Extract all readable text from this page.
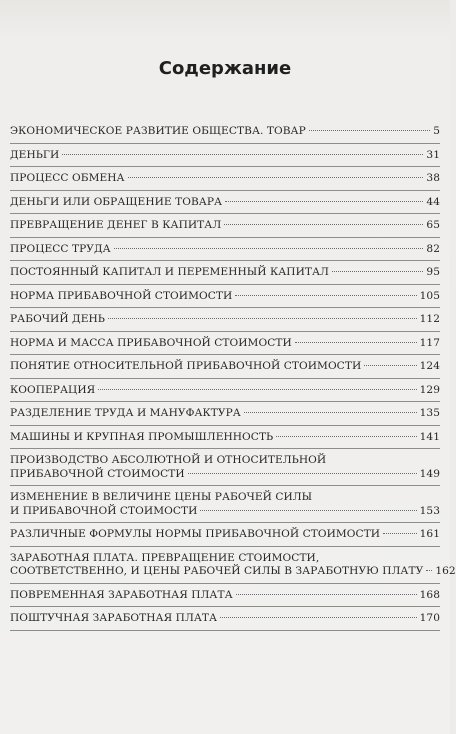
Содержание
ЭКОНОМИЧЕСКОЕ РАЗВИТИЕ ОБЩЕСТВА. ТОВАР	5
ДЕНЬГИ	31
ПРОЦЕСС ОБМЕНА	38
ДЕНЬГИ ИЛИ ОБРАЩЕНИЕ ТОВАРА	44
ПРЕВРАЩЕНИЕ ДЕНЕГ В КАПИТАЛ	65
ПРОЦЕСС ТРУДА	82
ПОСТОЯННЫЙ КАПИТАЛ И ПЕРЕМЕННЫЙ КАПИТАЛ	95
НОРМА ПРИБАВОЧНОЙ СТОИМОСТИ	105
РАБОЧИЙ ДЕНЬ	112
НОРМА И МАССА ПРИБАВОЧНОЙ СТОИМОСТИ	117
ПОНЯТИЕ ОТНОСИТЕЛЬНОЙ ПРИБАВОЧНОЙ СТОИМОСТИ	124
КООПЕРАЦИЯ	129
РАЗДЕЛЕНИЕ ТРУДА И МАНУФАКТУРА	135
МАШИНЫ И КРУПНАЯ ПРОМЫШЛЕННОСТЬ	141
ПРОИЗВОДСТВО АБСОЛЮТНОЙ И ОТНОСИТЕЛЬНОЙ
ПРИБАВОЧНОЙ СТОИМОСТИ	149
ИЗМЕНЕНИЕ В ВЕЛИЧИНЕ ЦЕНЫ РАБОЧЕЙ СИЛЫ
И ПРИБАВОЧНОЙ СТОИМОСТИ	153
РАЗЛИЧНЫЕ ФОРМУЛЫ НОРМЫ ПРИБАВОЧНОЙ СТОИМОСТИ	161
ЗАРАБОТНАЯ ПЛАТА. ПРЕВРАЩЕНИЕ СТОИМОСТИ,
СООТВЕТСТВЕННО, И ЦЕНЫ РАБОЧЕЙ СИЛЫ В ЗАРАБОТНУЮ ПЛАТУ 162
ПОВРЕМЕННАЯ ЗАРАБОТНАЯ ПЛАТА	168
ПОШТУЧНАЯ ЗАРАБОТНАЯ ПЛАТА	170
